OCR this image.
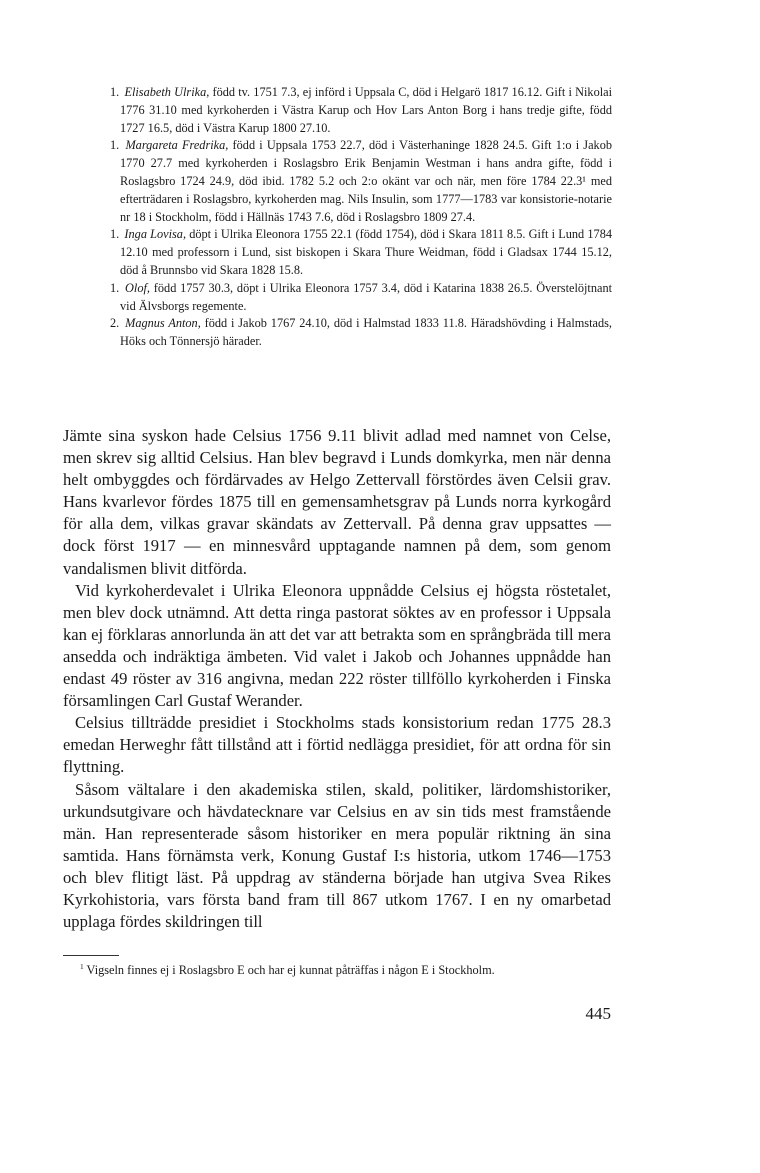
1. Elisabeth Ulrika, född tv. 1751 7.3, ej införd i Uppsala C, död i Helgarö 1817 16.12. Gift i Nikolai 1776 31.10 med kyrkoherden i Västra Karup och Hov Lars Anton Borg i hans tredje gifte, född 1727 16.5, död i Västra Karup 1800 27.10.

1. Margareta Fredrika, född i Uppsala 1753 22.7, död i Västerhaninge 1828 24.5. Gift 1:o i Jakob 1770 27.7 med kyrkoherden i Roslagsbro Erik Benjamin Westman i hans andra gifte, född i Roslagsbro 1724 24.9, död ibid. 1782 5.2 och 2:o okänt var och när, men före 1784 22.3¹ med efterträdaren i Roslagsbro, kyrkoherden mag. Nils Insulin, som 1777—1783 var konsistorie-notarie nr 18 i Stockholm, född i Hällnäs 1743 7.6, död i Roslagsbro 1809 27.4.

1. Inga Lovisa, döpt i Ulrika Eleonora 1755 22.1 (född 1754), död i Skara 1811 8.5. Gift i Lund 1784 12.10 med professorn i Lund, sist biskopen i Skara Thure Weidman, född i Gladsax 1744 15.12, död å Brunnsbo vid Skara 1828 15.8.

1. Olof, född 1757 30.3, döpt i Ulrika Eleonora 1757 3.4, död i Katarina 1838 26.5. Överstelöjtnant vid Älvsborgs regemente.

2. Magnus Anton, född i Jakob 1767 24.10, död i Halmstad 1833 11.8. Häradshövding i Halmstads, Höks och Tönnersjö härader.

Jämte sina syskon hade Celsius 1756 9.11 blivit adlad med namnet von Celse, men skrev sig alltid Celsius. Han blev begravd i Lunds domkyrka, men när denna helt ombyggdes och fördärvades av Helgo Zettervall förstördes även Celsii grav. Hans kvarlevor fördes 1875 till en gemensamhetsgrav på Lunds norra kyrkogård för alla dem, vilkas gravar skändats av Zettervall. På denna grav uppsattes — dock först 1917 — en minnesvård upptagande namnen på dem, som genom vandalismen blivit ditförda.

Vid kyrkoherdevalet i Ulrika Eleonora uppnådde Celsius ej högsta röstetalet, men blev dock utnämnd. Att detta ringa pastorat söktes av en professor i Uppsala kan ej förklaras annorlunda än att det var att betrakta som en språngbräda till mera ansedda och indräktiga ämbeten. Vid valet i Jakob och Johannes uppnådde han endast 49 röster av 316 angivna, medan 222 röster tillföllo kyrkoherden i Finska församlingen Carl Gustaf Werander.

Celsius tillträdde presidiet i Stockholms stads konsistorium redan 1775 28.3 emedan Herweghr fått tillstånd att i förtid nedlägga presidiet, för att ordna för sin flyttning.

Såsom vältalare i den akademiska stilen, skald, politiker, lärdomshistoriker, urkundsutgivare och hävdatecknare var Celsius en av sin tids mest framstående män. Han representerade såsom historiker en mera populär riktning än sina samtida. Hans förnämsta verk, Konung Gustaf I:s historia, utkom 1746—1753 och blev flitigt läst. På uppdrag av ständerna började han utgiva Svea Rikes Kyrkohistoria, vars första band fram till 867 utkom 1767. I en ny omarbetad upplaga fördes skildringen till

$^1$ Vigseln finnes ej i Roslagsbro E och har ej kunnat påträffas i någon E i Stockholm.
445
